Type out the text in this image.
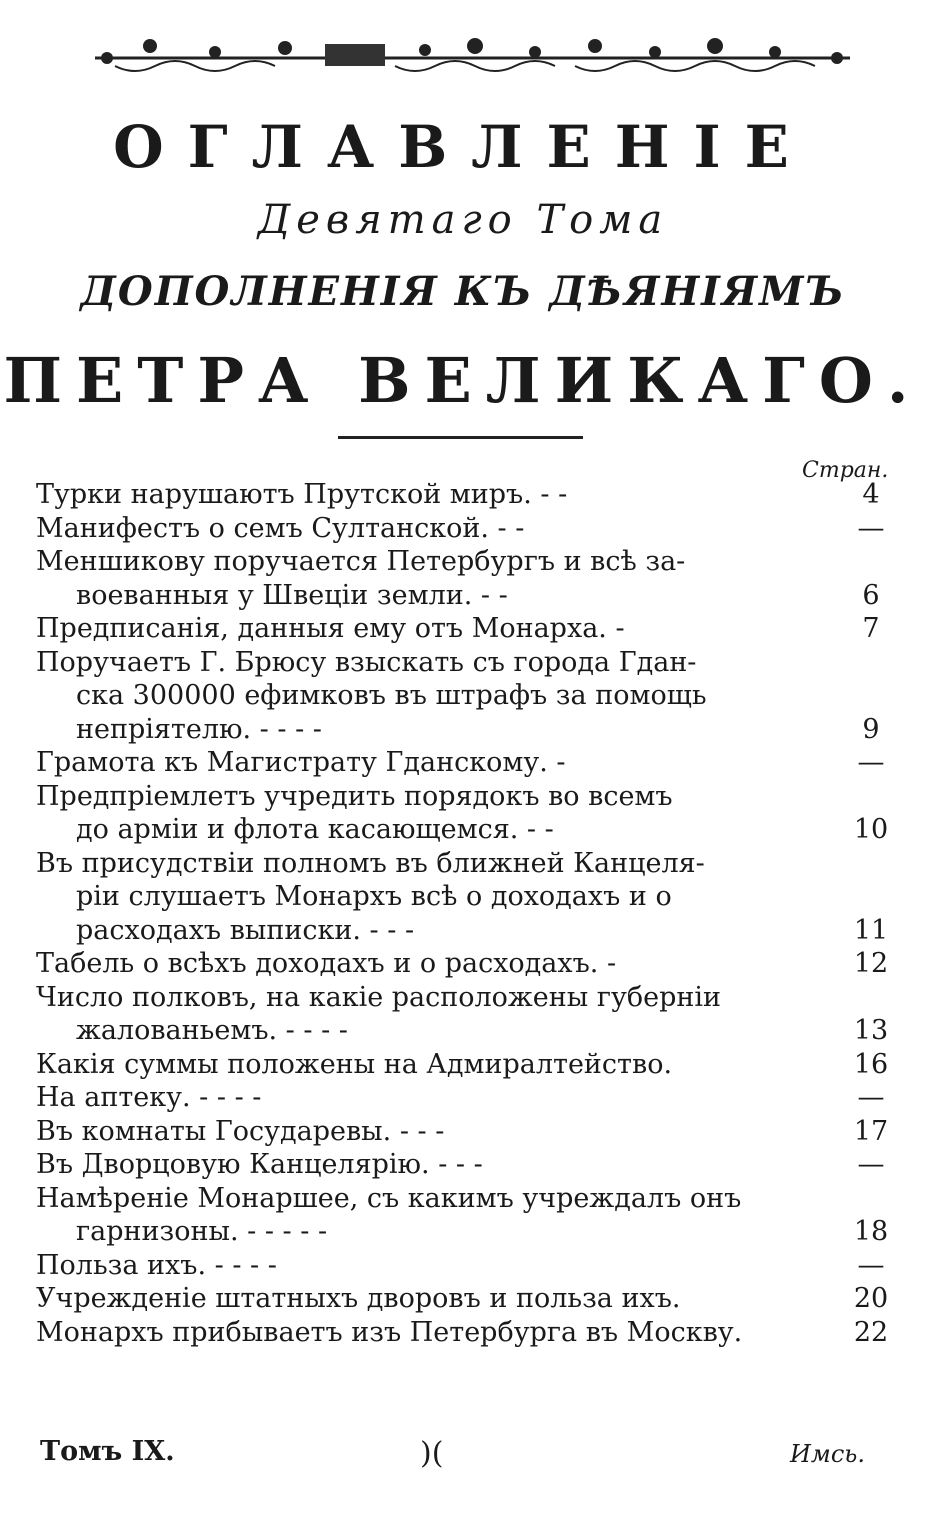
ОГЛАВЛЕНІЕ
Девятаго Тома
ДОПОЛНЕНІЯ КЪ ДѢЯНІЯМЪ
ПЕТРА ВЕЛИКАГО.
Стран.
Турки нарушаютъ Прутской миръ. - -	4
Манифестъ о семъ Султанской. - -	—
Меншикову поручается Петербургъ и всѣ за-
воеванныя у Швецiи земли. - -	6
Предписанія, данныя ему отъ Монарха. -	7
Поручаетъ Г. Брюсу взыскать съ города Гдан-
ска 300000 ефимковъ въ штрафъ за помощь
непріятелю. - - - -	9
Грамота къ Магистрату Гданскому. -	—
Предпріемлетъ учредить порядокъ во всемъ
до арміи и флота касающемся. - -	10
Въ присудствіи полномъ въ ближней Канцеля-
ріи слушаетъ Монархъ всѣ о доходахъ и о
расходахъ выписки. - - -	11
Табель о всѣхъ доходахъ и о расходахъ. -	12
Число полковъ, на какіе расположены губерніи
жалованьемъ. - - - -	13
Какія суммы положены на Адмиралтейство.	16
На аптеку. - - - -	—
Въ комнаты Государевы. - - -	17
Въ Дворцовую Канцелярію. - - -	—
Намѣреніе Монаршее, съ какимъ учреждалъ онъ
гарнизоны. - - - - -	18
Польза ихъ. - - - -	—
Учрежденіе штатныхъ дворовъ и польза ихъ.	20
Монархъ прибываетъ изъ Петербурга въ Москву.	22
Томъ IX.	)(	Имсь.
